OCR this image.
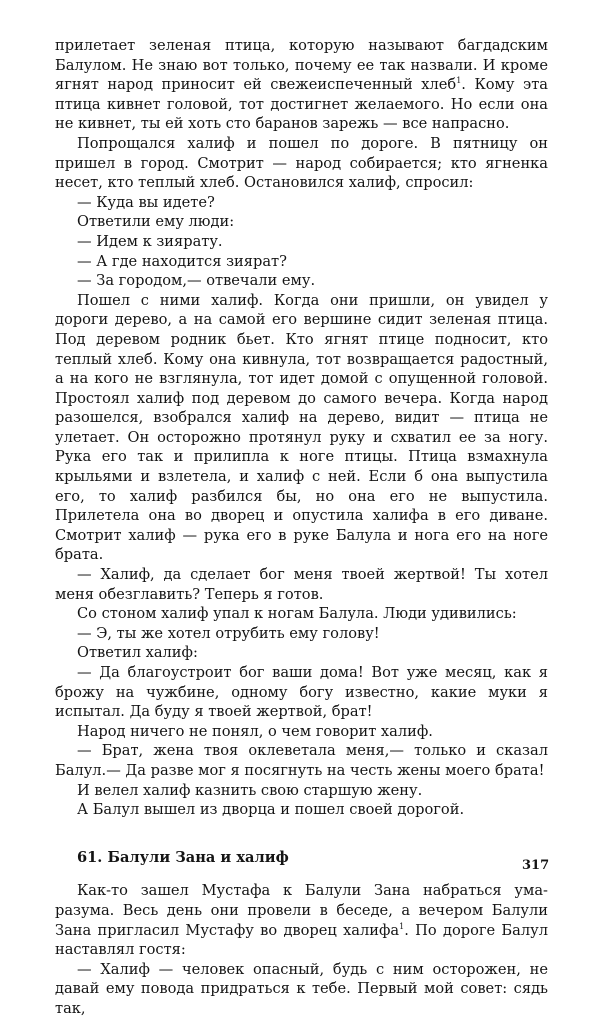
прилетает зеленая птица, которую называют багдадским Балулом. Не знаю вот только, почему ее так назвали. И кроме ягнят народ приносит ей свежеиспеченный хлеб$^1$. Кому эта птица кивнет головой, тот достигнет желаемого. Но если она не кивнет, ты ей хоть сто баранов зарежь — все напрасно.

Попрощался халиф и пошел по дороге. В пятницу он пришел в город. Смотрит — народ собирается; кто ягненка несет, кто теплый хлеб. Остановился халиф, спросил:

— Куда вы идете?

Ответили ему люди:

— Идем к зиярату.

— А где находится зиярат?

— За городом,— отвечали ему.

Пошел с ними халиф. Когда они пришли, он увидел у дороги дерево, а на самой его вершине сидит зеленая птица. Под деревом родник бьет. Кто ягнят птице подносит, кто теплый хлеб. Кому она кивнула, тот возвращается радостный, а на кого не взглянула, тот идет домой с опущенной головой. Простоял халиф под деревом до самого вечера. Когда народ разошелся, взобрался халиф на дерево, видит — птица не улетает. Он осторожно протянул руку и схватил ее за ногу. Рука его так и прилипла к ноге птицы. Птица взмахнула крыльями и взлетела, и халиф с ней. Если б она выпустила его, то халиф разбился бы, но она его не выпустила. Прилетела она во дворец и опустила халифа в его диване. Смотрит халиф — рука его в руке Балула и нога его на ноге брата.

— Халиф, да сделает бог меня твоей жертвой! Ты хотел меня обезглавить? Теперь я готов.

Со стоном халиф упал к ногам Балула. Люди удивились:

— Э, ты же хотел отрубить ему голову!

Ответил халиф:

— Да благоустроит бог ваши дома! Вот уже месяц, как я брожу на чужбине, одному богу известно, какие муки я испытал. Да буду я твоей жертвой, брат!

Народ ничего не понял, о чем говорит халиф.

— Брат, жена твоя оклеветала меня,— только и сказал Балул.— Да разве мог я посягнуть на честь жены моего брата!

И велел халиф казнить свою старшую жену.

А Балул вышел из дворца и пошел своей дорогой.

61. Балули Зана и халиф

Как-то зашел Мустафа к Балули Зана набраться ума-разума. Весь день они провели в беседе, а вечером Балули Зана пригласил Мустафу во дворец халифа$^1$. По дороге Балул наставлял гостя:

— Халиф — человек опасный, будь с ним осторожен, не давай ему повода придраться к тебе. Первый мой совет: сядь так,

317
